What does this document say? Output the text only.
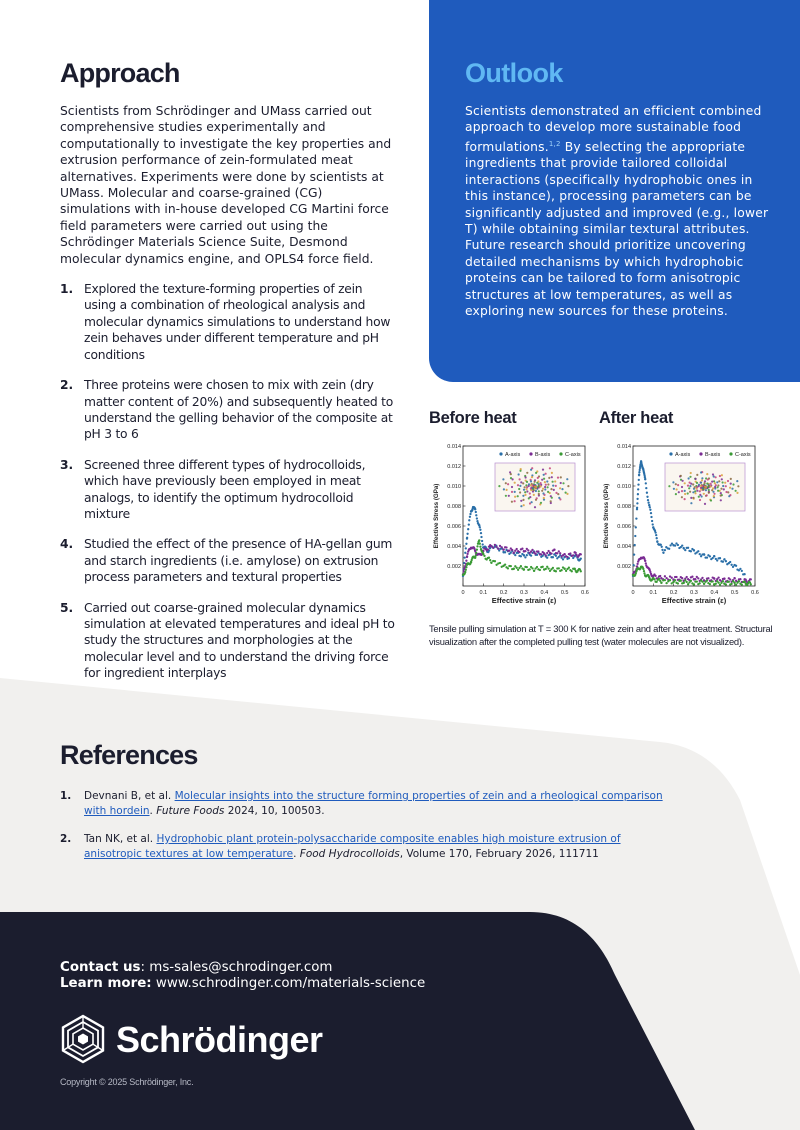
Approach

Scientists from Schrödinger and UMass carried out comprehensive studies experimentally and computationally to investigate the key properties and extrusion performance of zein-formulated meat alternatives. Experiments were done by scientists at UMass. Molecular and coarse-grained (CG) simulations with in-house developed CG Martini force field parameters were carried out using the Schrödinger Materials Science Suite, Desmond molecular dynamics engine, and OPLS4 force field.

1. Explored the texture-forming properties of zein using a combination of rheological analysis and molecular dynamics simulations to understand how zein behaves under different temperature and pH conditions
2. Three proteins were chosen to mix with zein (dry matter content of 20%) and subsequently heated to understand the gelling behavior of the composite at pH 3 to 6
3. Screened three different types of hydrocolloids, which have previously been employed in meat analogs, to identify the optimum hydrocolloid mixture
4. Studied the effect of the presence of HA-gellan gum and starch ingredients (i.e. amylose) on extrusion process parameters and textural properties
5. Carried out coarse-grained molecular dynamics simulation at elevated temperatures and ideal pH to study the structures and morphologies at the molecular level and to understand the driving force for ingredient interplays
Outlook

Scientists demonstrated an efficient combined approach to develop more sustainable food formulations.$^{1,2}$ By selecting the appropriate ingredients that provide tailored colloidal interactions (specifically hydrophobic ones in this instance), processing parameters can be significantly adjusted and improved (e.g., lower T) while obtaining similar textural attributes. Future research should prioritize uncovering detailed mechanisms by which hydrophobic proteins can be tailored to form anisotropic structures at low temperatures, as well as exploring new sources for these proteins.

Before heat	After heat
0	0.1 0.2 0.3 0.4 0.5 0.6
0.002
0.004
0.006
0.008
0.010
0.012
0.014
Effective strain (ε)
Effective Stress (GPa)
A-axis	B-axis	C-axis
0	0.1 0.2 0.3 0.4 0.5 0.6
0.002
0.004
0.006
0.008
0.010
0.012
0.014
Effective strain (ε)
Effective Stress (GPa)
A-axis	B-axis	C-axis

Tensile pulling simulation at T = 300 K for native zein and after heat treatment. Structural visualization after the completed pulling test (water molecules are not visualized).

References
1. Devnani B, et al. Molecular insights into the structure forming properties of zein and a rheological comparison with hordein. Future Foods 2024, 10, 100503.
2. Tan NK, et al. Hydrophobic plant protein-polysaccharide composite enables high moisture extrusion of anisotropic textures at low temperature. Food Hydrocolloids, Volume 170, February 2026, 111711
Contact us: ms-sales@schrodinger.com
Learn more: www.schrodinger.com/materials-science
Schrödinger
Copyright © 2025 Schrödinger, Inc.
